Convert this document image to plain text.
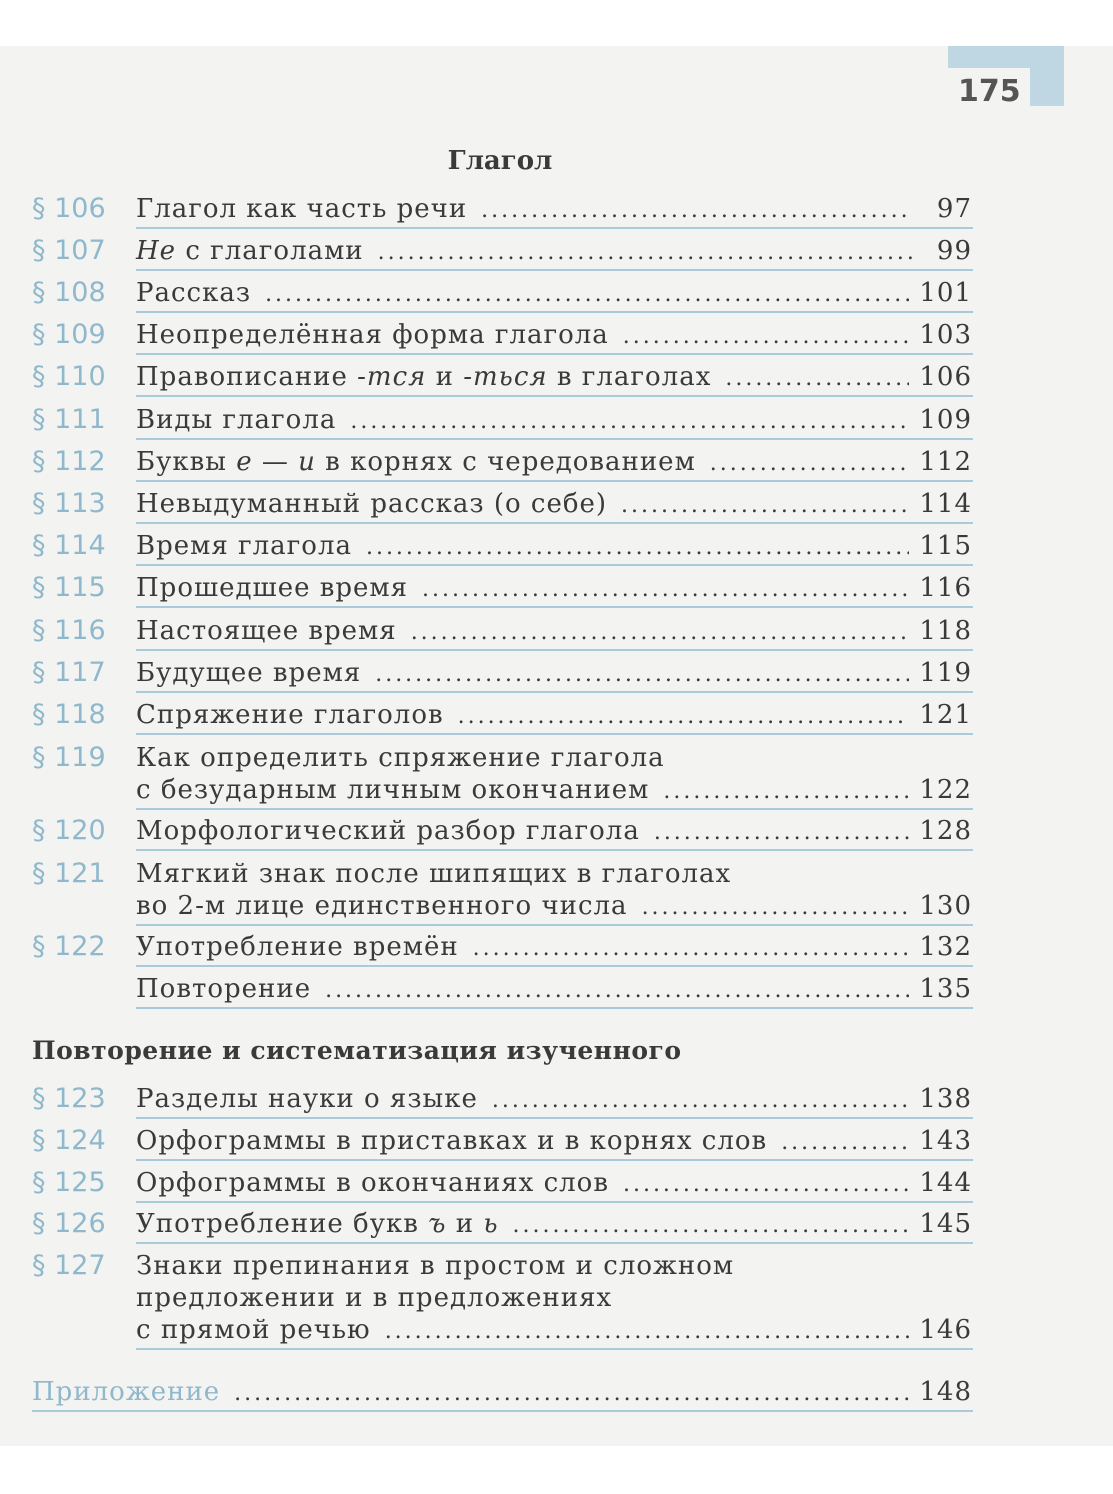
175
Глагол
§ 106 Глагол как часть речи . . .	97
§ 107 Не с глаголами . . .	99
§ 108 Рассказ . . .	101
§ 109 Неопределённая форма глагола . . .	103
§ 110 Правописание -тся и -ться в глаголах . . .	106
§ 111 Виды глагола . . .	109
§ 112 Буквы е — и в корнях с чередованием . . .	112
§ 113 Невыдуманный рассказ (о себе) . . .	114
§ 114 Время глагола . . .	115
§ 115 Прошедшее время . . .	116
§ 116 Настоящее время . . .	118
§ 117 Будущее время . . .	119
§ 118 Спряжение глаголов . . .	121
§ 119 Как определить спряжение глагола
с безударным личным окончанием . . .	122
§ 120 Морфологический разбор глагола . . .	128
§ 121 Мягкий знак после шипящих в глаголах
во 2-м лице единственного числа . . .	130
§ 122 Употребление времён . . .	132
Повторение . . .	135
Повторение и систематизация изученного
§ 123 Разделы науки о языке . . .	138
§ 124 Орфограммы в приставках и в корнях слов . . .	143
§ 125 Орфограммы в окончаниях слов . . .	144
§ 126 Употребление букв ъ и ь . . .	145
§ 127 Знаки препинания в простом и сложном
предложении и в предложениях
с прямой речью . . .	146
Приложение . . .	148
